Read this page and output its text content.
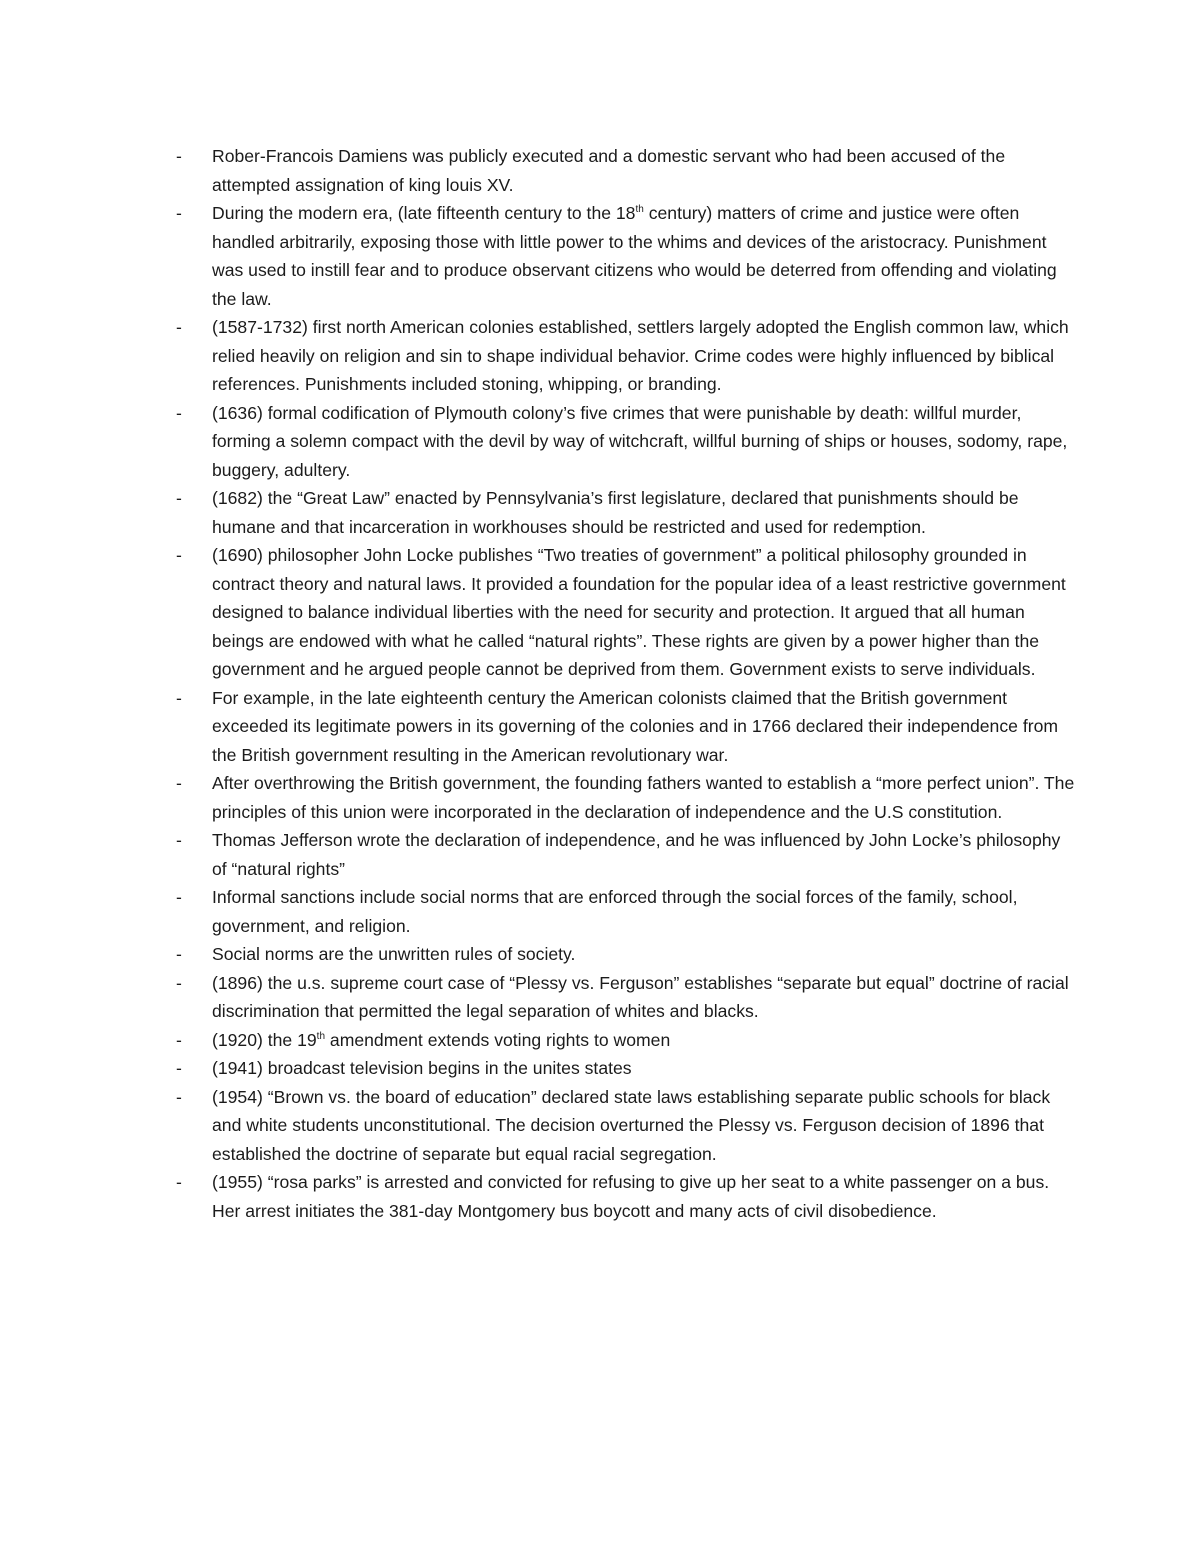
-	Rober-Francois Damiens was publicly executed and a domestic servant who had been accused of the attempted assignation of king louis XV.
-	During the modern era, (late fifteenth century to the 18th century) matters of crime and justice were often handled arbitrarily, exposing those with little power to the whims and devices of the aristocracy. Punishment was used to instill fear and to produce observant citizens who would be deterred from offending and violating the law.
-	(1587-1732) first north American colonies established, settlers largely adopted the English common law, which relied heavily on religion and sin to shape individual behavior. Crime codes were highly influenced by biblical references. Punishments included stoning, whipping, or branding.
-	(1636) formal codification of Plymouth colony’s five crimes that were punishable by death: willful murder, forming a solemn compact with the devil by way of witchcraft, willful burning of ships or houses, sodomy, rape, buggery, adultery.
-	(1682) the “Great Law” enacted by Pennsylvania’s first legislature, declared that punishments should be humane and that incarceration in workhouses should be restricted and used for redemption.
-	(1690) philosopher John Locke publishes “Two treaties of government” a political philosophy grounded in contract theory and natural laws. It provided a foundation for the popular idea of a least restrictive government designed to balance individual liberties with the need for security and protection. It argued that all human beings are endowed with what he called “natural rights”. These rights are given by a power higher than the government and he argued people cannot be deprived from them. Government exists to serve individuals.
-	For example, in the late eighteenth century the American colonists claimed that the British government exceeded its legitimate powers in its governing of the colonies and in 1766 declared their independence from the British government resulting in the American revolutionary war.
-	After overthrowing the British government, the founding fathers wanted to establish a “more perfect union”. The principles of this union were incorporated in the declaration of independence and the U.S constitution.
-	Thomas Jefferson wrote the declaration of independence, and he was influenced by John Locke’s philosophy of “natural rights”
-	Informal sanctions include social norms that are enforced through the social forces of the family, school, government, and religion.
-	Social norms are the unwritten rules of society.
-	(1896) the u.s. supreme court case of “Plessy vs. Ferguson” establishes “separate but equal” doctrine of racial discrimination that permitted the legal separation of whites and blacks.
-	(1920) the 19th amendment extends voting rights to women
-	(1941) broadcast television begins in the unites states
-	(1954) “Brown vs. the board of education” declared state laws establishing separate public schools for black and white students unconstitutional. The decision overturned the Plessy vs. Ferguson decision of 1896 that established the doctrine of separate but equal racial segregation.
-	(1955) “rosa parks” is arrested and convicted for refusing to give up her seat to a white passenger on a bus. Her arrest initiates the 381-day Montgomery bus boycott and many acts of civil disobedience.
